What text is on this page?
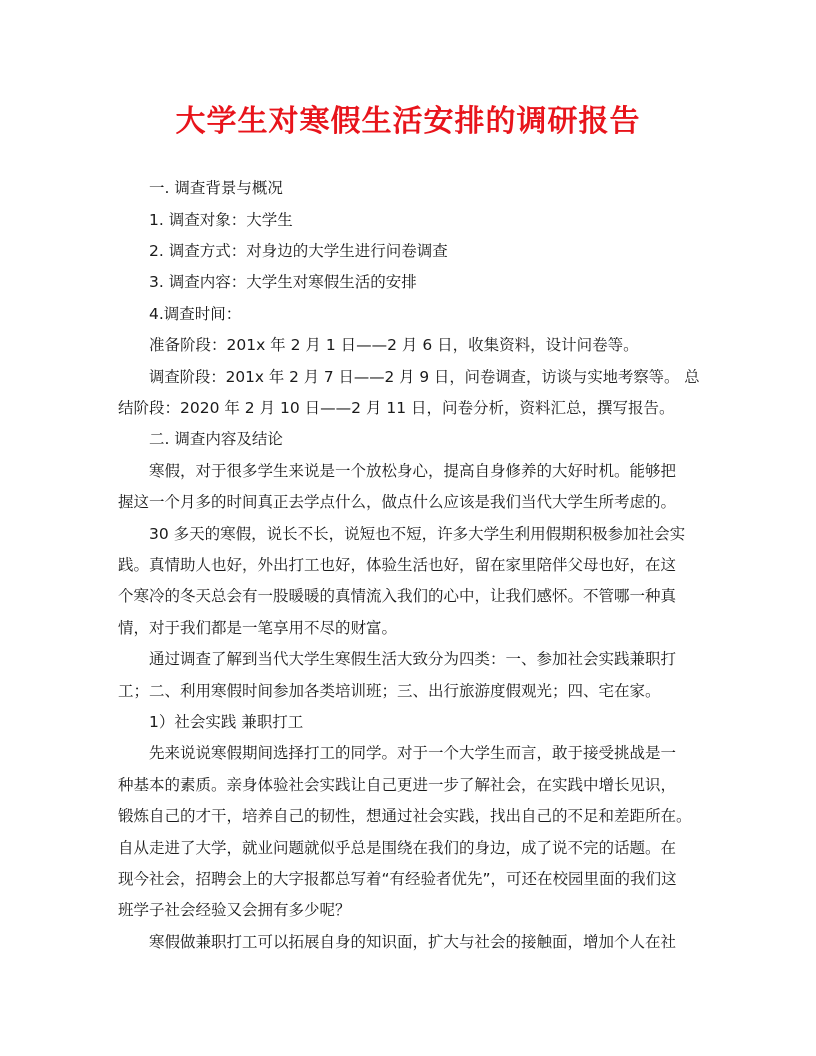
大学生对寒假生活安排的调研报告
一. 调查背景与概况
1. 调查对象：大学生
2. 调查方式：对身边的大学生进行问卷调查
3. 调查内容：大学生对寒假生活的安排
4.调查时间：
准备阶段：201x 年 2 月 1 日——2 月 6 日，收集资料，设计问卷等。
调查阶段：201x 年 2 月 7 日——2 月 9 日，问卷调查，访谈与实地考察等。 总
结阶段：2020 年 2 月 10 日——2 月 11 日，问卷分析，资料汇总，撰写报告。
二. 调查内容及结论
寒假，对于很多学生来说是一个放松身心，提高自身修养的大好时机。能够把
握这一个月多的时间真正去学点什么，做点什么应该是我们当代大学生所考虑的。
30 多天的寒假，说长不长，说短也不短，许多大学生利用假期积极参加社会实
践。真情助人也好，外出打工也好，体验生活也好，留在家里陪伴父母也好，在这
个寒冷的冬天总会有一股暖暖的真情流入我们的心中，让我们感怀。不管哪一种真
情，对于我们都是一笔享用不尽的财富。
通过调查了解到当代大学生寒假生活大致分为四类：一、参加社会实践兼职打
工；二、利用寒假时间参加各类培训班；三、出行旅游度假观光；四、宅在家。
1）社会实践 兼职打工
先来说说寒假期间选择打工的同学。对于一个大学生而言，敢于接受挑战是一
种基本的素质。亲身体验社会实践让自己更进一步了解社会，在实践中增长见识，
锻炼自己的才干，培养自己的韧性，想通过社会实践，找出自己的不足和差距所在。
自从走进了大学，就业问题就似乎总是围绕在我们的身边，成了说不完的话题。在
现今社会，招聘会上的大字报都总写着“有经验者优先”，可还在校园里面的我们这
班学子社会经验又会拥有多少呢？
寒假做兼职打工可以拓展自身的知识面，扩大与社会的接触面，增加个人在社
